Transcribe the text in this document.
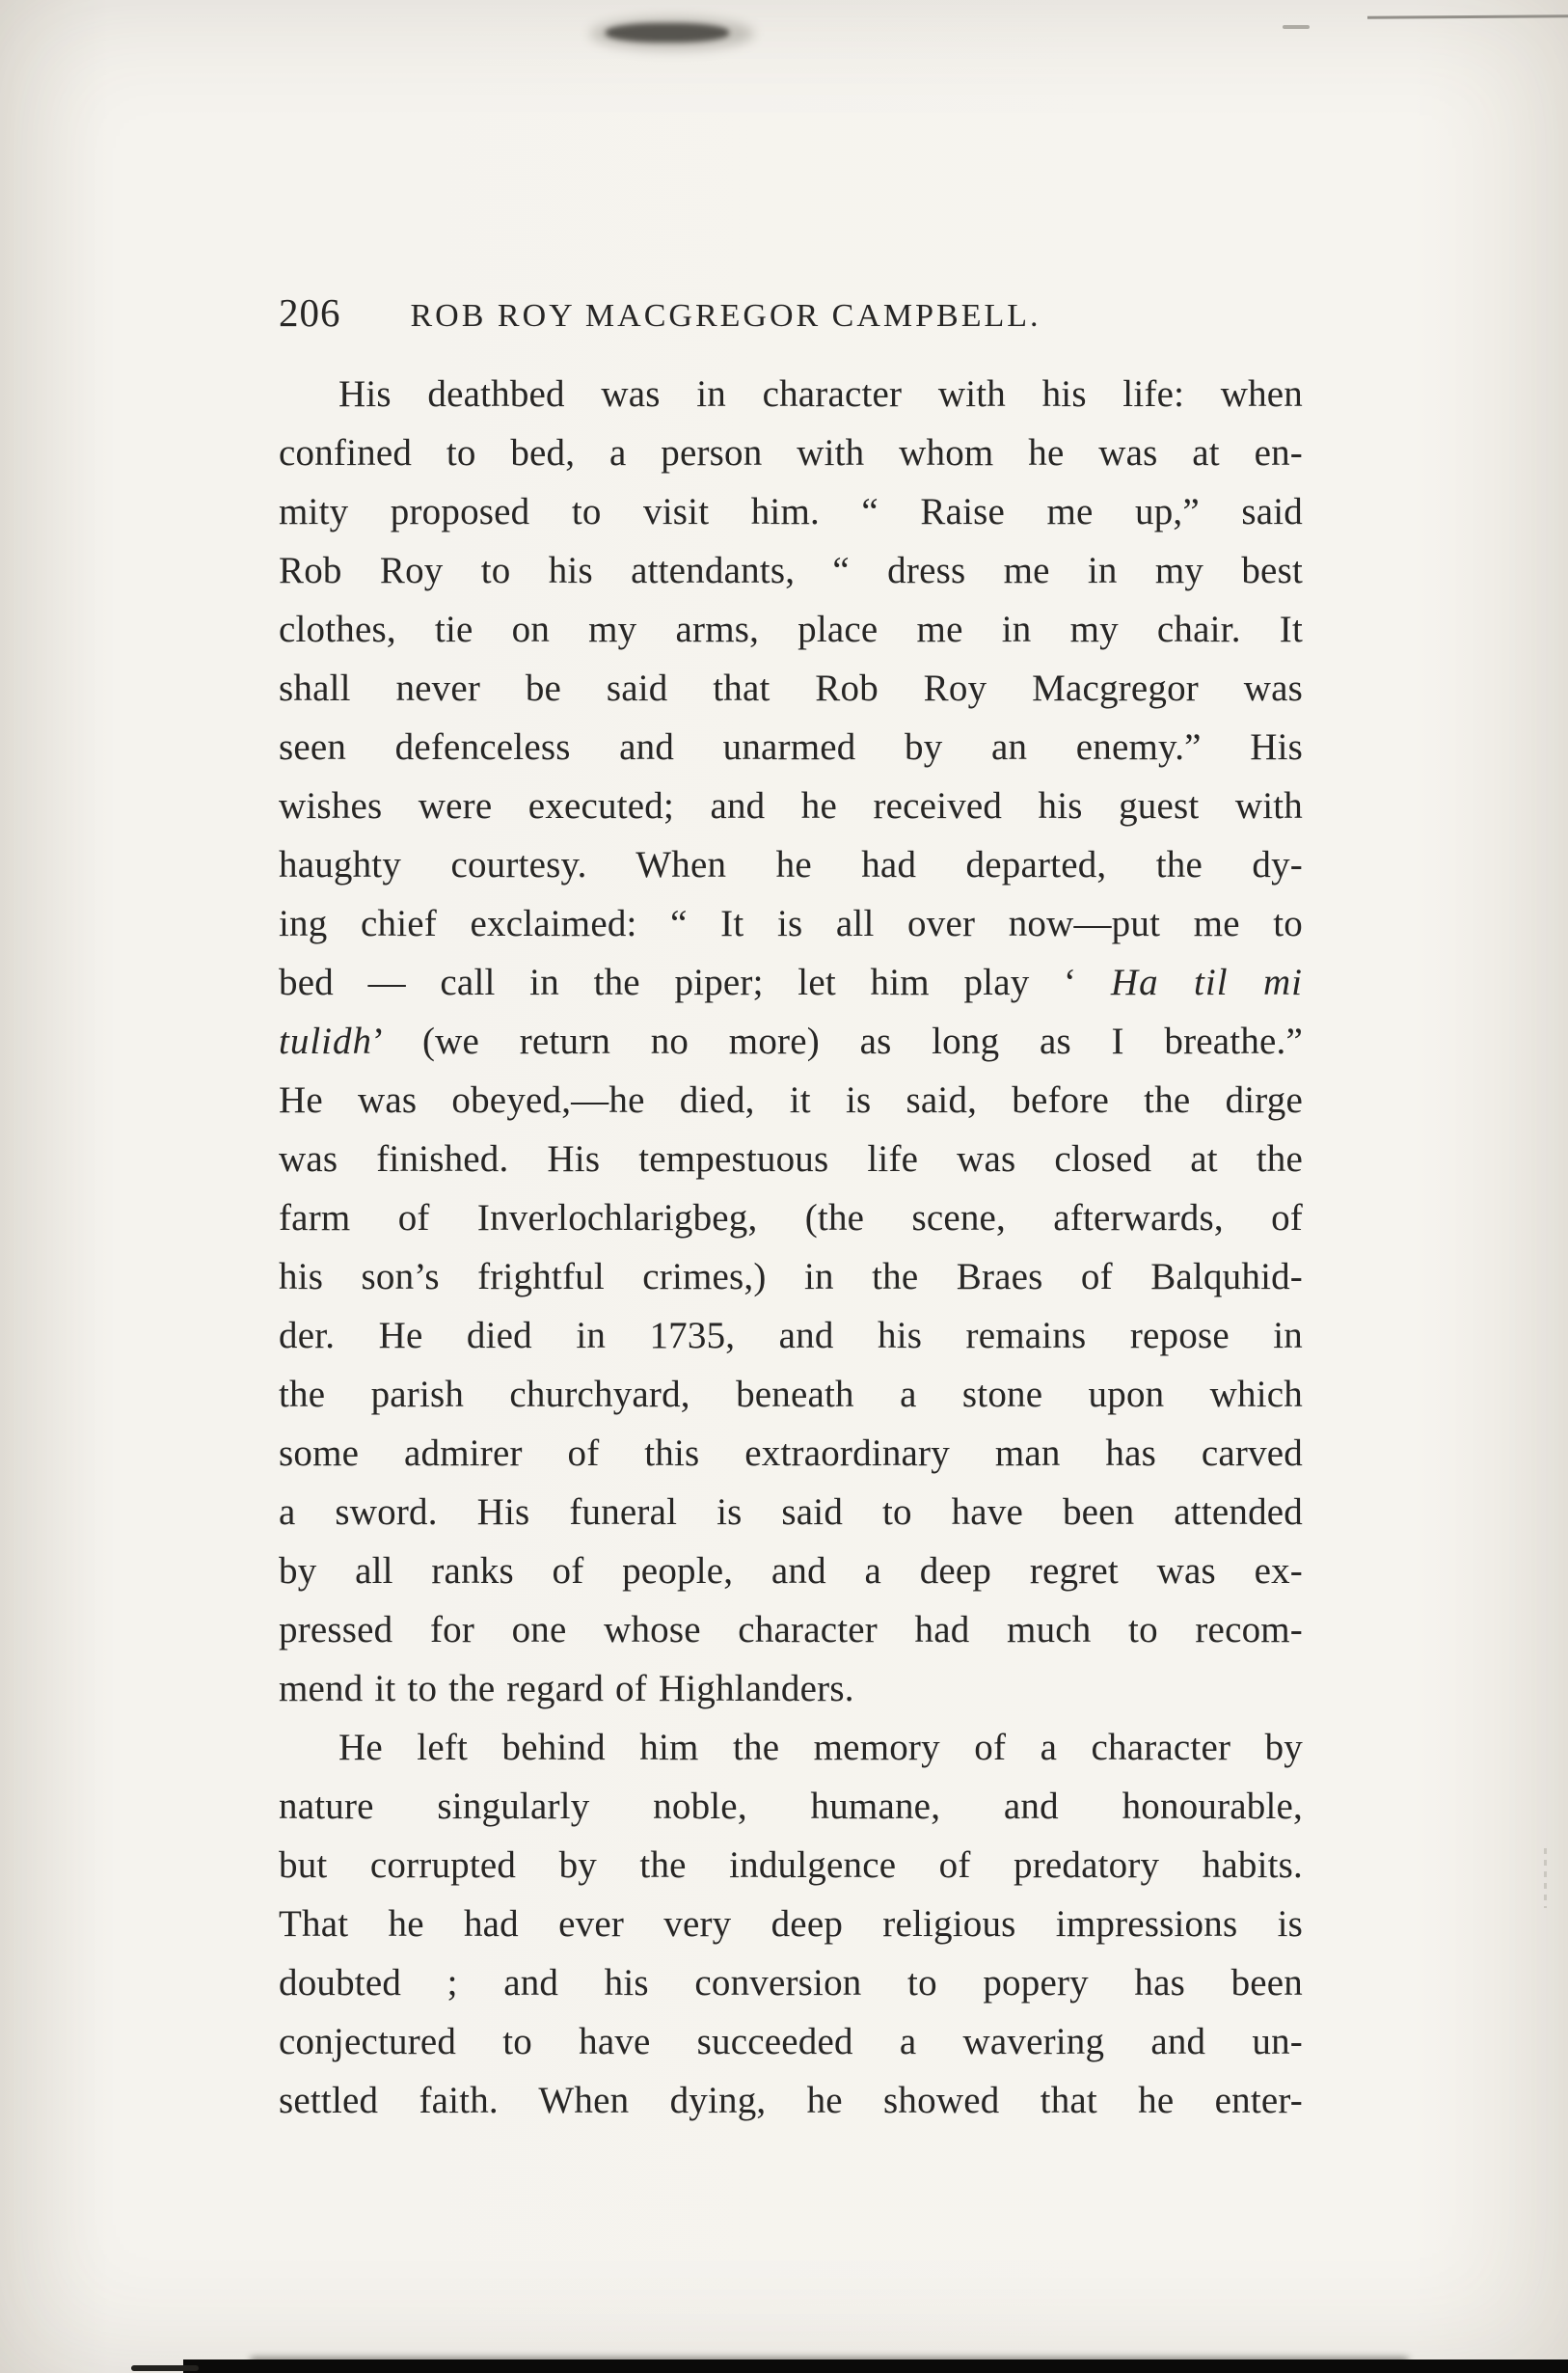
206 ROB ROY MACGREGOR CAMPBELL.
His deathbed was in character with his life: when
confined to bed, a person with whom he was at en-
mity proposed to visit him. “ Raise me up,” said
Rob Roy to his attendants, “ dress me in my best
clothes, tie on my arms, place me in my chair. It
shall never be said that Rob Roy Macgregor was
seen defenceless and unarmed by an enemy.” His
wishes were executed; and he received his guest with
haughty courtesy. When he had departed, the dy-
ing chief exclaimed: “ It is all over now—put me to
bed — call in the piper; let him play ‘ Ha til mi
tulidh’ (we return no more) as long as I breathe.”
He was obeyed,—he died, it is said, before the dirge
was finished. His tempestuous life was closed at the
farm of Inverlochlarigbeg, (the scene, afterwards, of
his son’s frightful crimes,) in the Braes of Balquhid-
der. He died in 1735, and his remains repose in
the parish churchyard, beneath a stone upon which
some admirer of this extraordinary man has carved
a sword. His funeral is said to have been attended
by all ranks of people, and a deep regret was ex-
pressed for one whose character had much to recom-
mend it to the regard of Highlanders.
He left behind him the memory of a character by
nature singularly noble, humane, and honourable,
but corrupted by the indulgence of predatory habits.
That he had ever very deep religious impressions is
doubted ; and his conversion to popery has been
conjectured to have succeeded a wavering and un-
settled faith. When dying, he showed that he enter-
